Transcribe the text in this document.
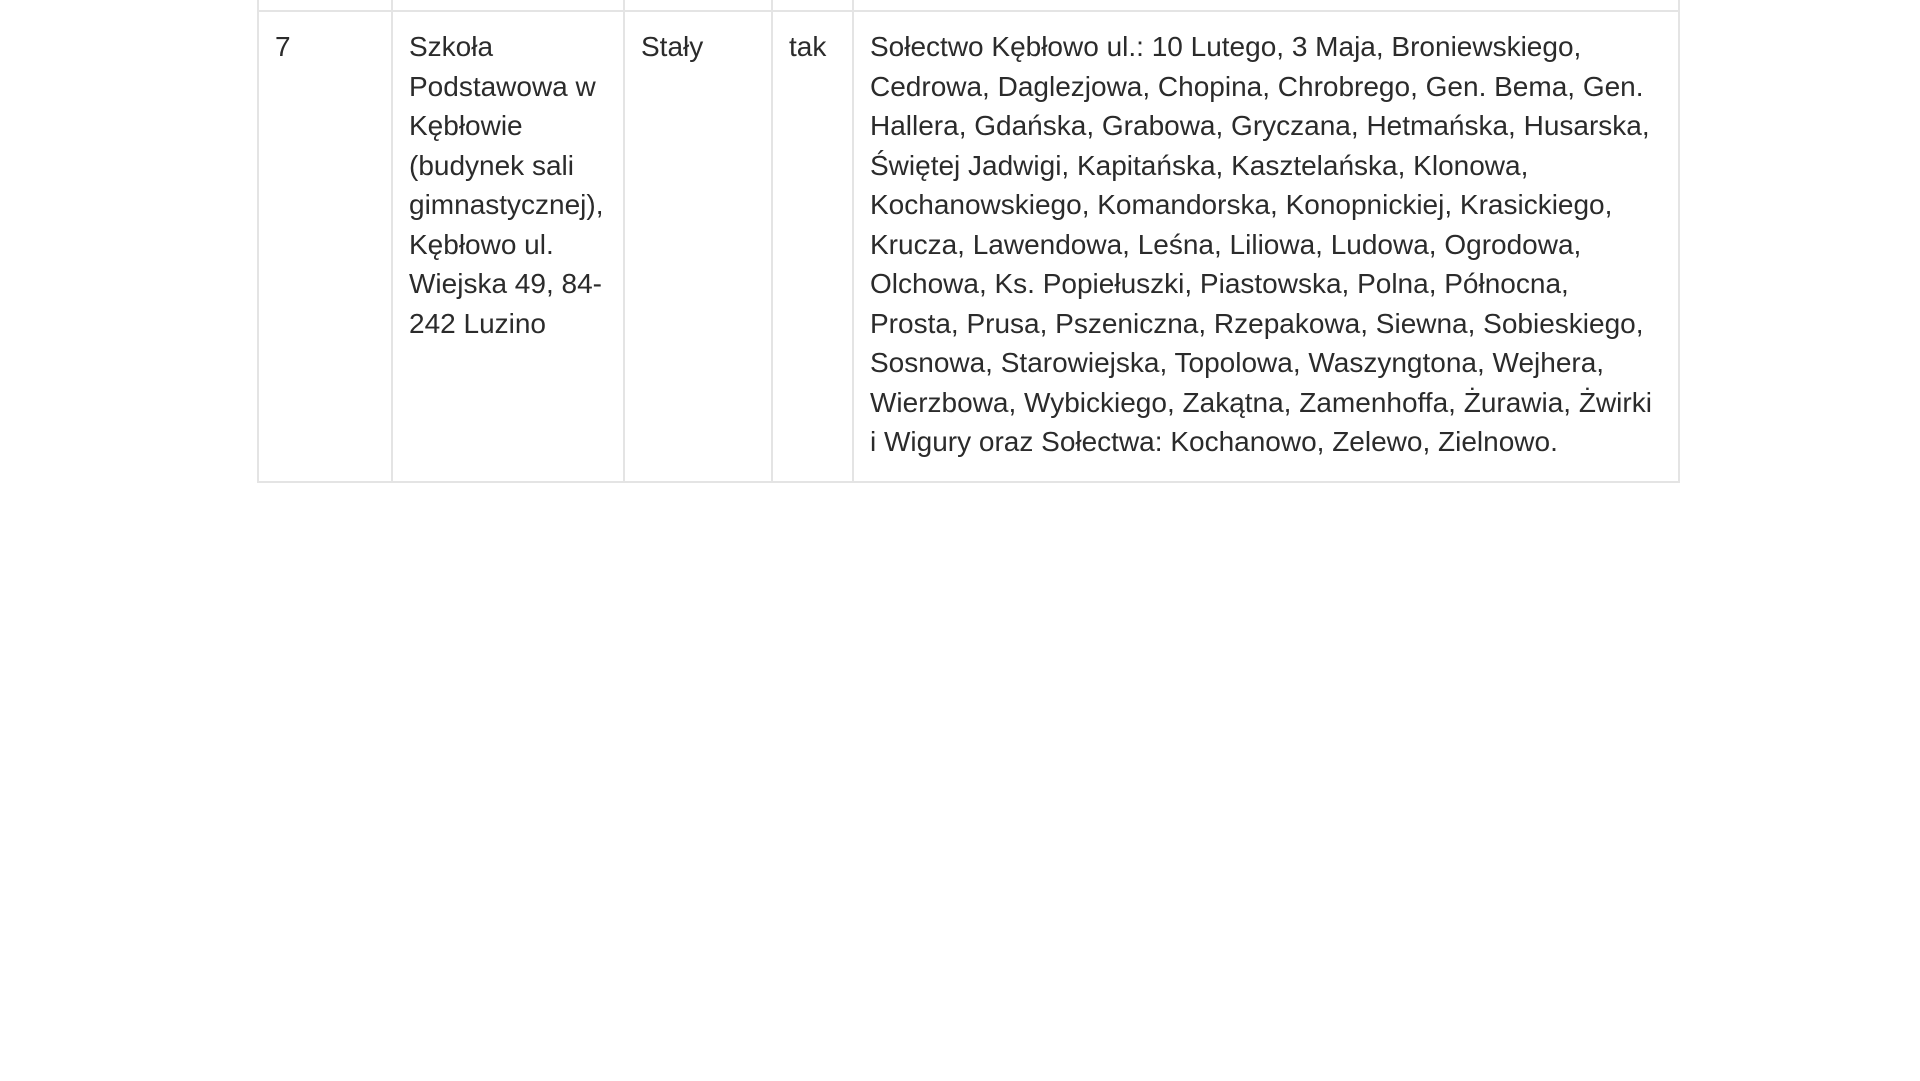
7	Szkoła Podstawowa w Kębłowie (budynek sali gimnastycznej), Kębłowo ul. Wiejska 49, 84-242 Luzino	Stały	tak	Sołectwo Kębłowo ul.: 10 Lutego, 3 Maja, Broniewskiego, Cedrowa, Daglezjowa, Chopina, Chrobrego, Gen. Bema, Gen. Hallera, Gdańska, Grabowa, Gryczana, Hetmańska, Husarska, Świętej Jadwigi, Kapitańska, Kasztelańska, Klonowa, Kochanowskiego, Komandorska, Konopnickiej, Krasickiego, Krucza, Lawendowa, Leśna, Liliowa, Ludowa, Ogrodowa, Olchowa, Ks. Popiełuszki, Piastowska, Polna, Północna, Prosta, Prusa, Pszeniczna, Rzepakowa, Siewna, Sobieskiego, Sosnowa, Starowiejska, Topolowa, Waszyngtona, Wejhera, Wierzbowa, Wybickiego, Zakątna, Zamenhoffa, Żurawia, Żwirki i Wigury oraz Sołectwa: Kochanowo, Zelewo, Zielnowo.
